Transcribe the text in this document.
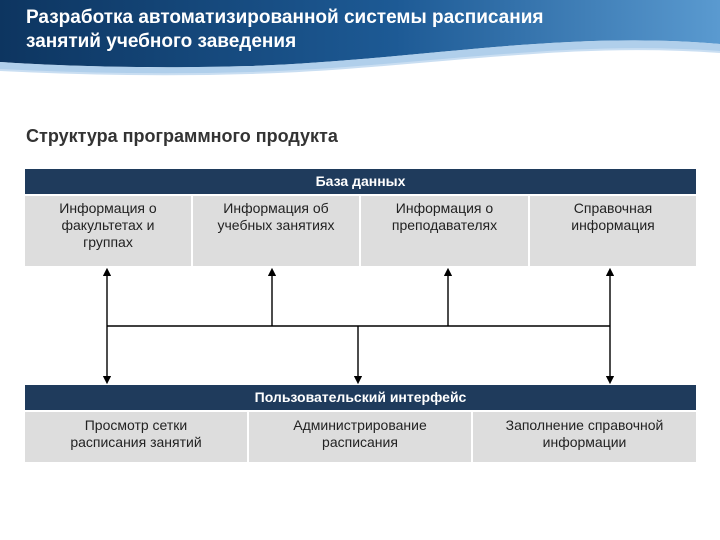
Разработка автоматизированной системы расписания занятий учебного заведения
Структура программного продукта
База данных
Информация о факультетах и группах
Информация об учебных занятиях
Информация о преподавателях
Справочная информация
Пользовательский интерфейс
Просмотр сетки расписания занятий
Администрирование расписания
Заполнение справочной информации
